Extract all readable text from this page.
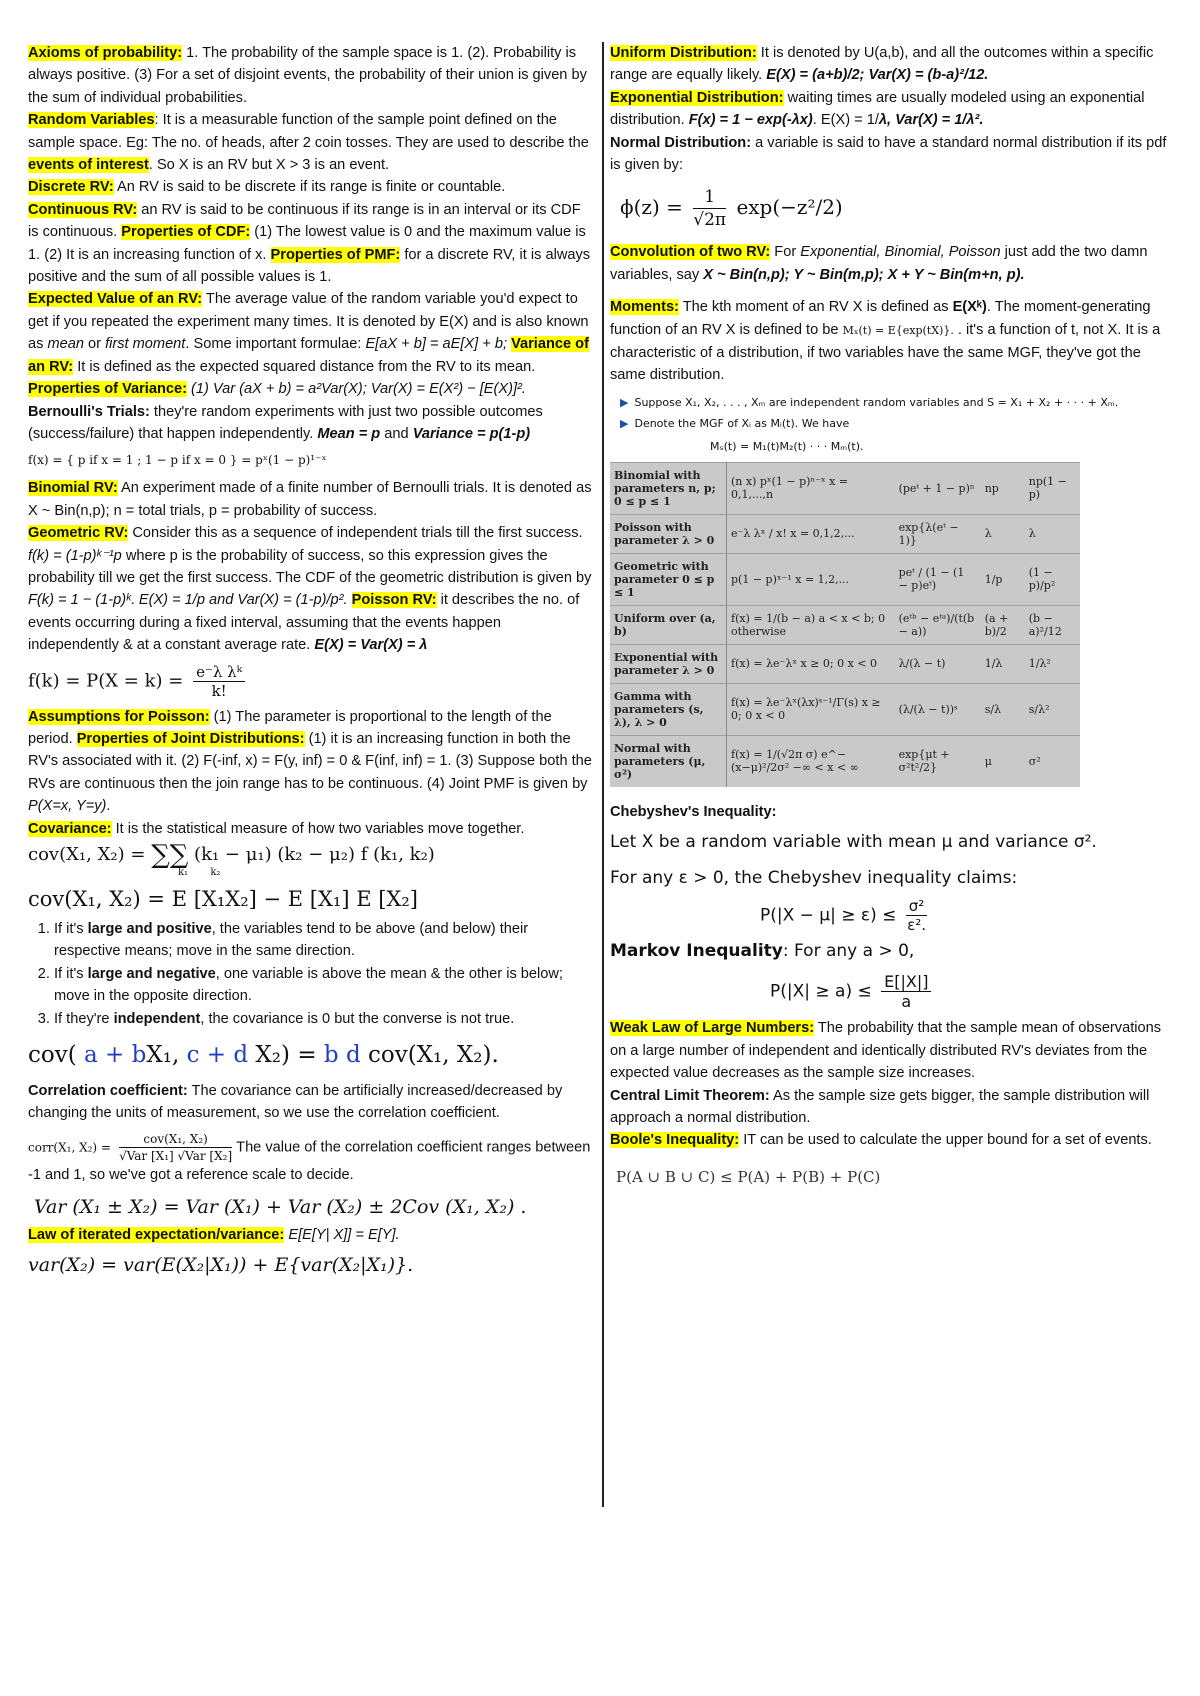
Axioms of probability: 1. The probability of the sample space is 1. (2). Probability is always positive. (3) For a set of disjoint events, the probability of their union is given by the sum of individual probabilities.

Random Variables: It is a measurable function of the sample point defined on the sample space. Eg: The no. of heads, after 2 coin tosses. They are used to describe the events of interest. So X is an RV but X > 3 is an event.

Discrete RV: An RV is said to be discrete if its range is finite or countable.

Continuous RV: an RV is said to be continuous if its range is in an interval or its CDF is continuous. Properties of CDF: (1) The lowest value is 0 and the maximum value is 1. (2) It is an increasing function of x. Properties of PMF: for a discrete RV, it is always positive and the sum of all possible values is 1.

Expected Value of an RV: The average value of the random variable you'd expect to get if you repeated the experiment many times. It is denoted by E(X) and is also known as mean or first moment. Some important formulae: E[aX + b] = aE[X] + b; Variance of an RV: It is defined as the expected squared distance from the RV to its mean. Properties of Variance: (1) Var (aX + b) = a²Var(X); Var(X) = E(X²) − [E(X)]².

Bernoulli's Trials: they're random experiments with just two possible outcomes (success/failure) that happen independently. Mean = p and Variance = p(1-p)

f(x) = { p if x = 1 ; 1 − p if x = 0 } = pˣ(1 − p)¹⁻ˣ

Binomial RV: An experiment made of a finite number of Bernoulli trials. It is denoted as X ~ Bin(n,p); n = total trials, p = probability of success.

Geometric RV: Consider this as a sequence of independent trials till the first success. f(k) = (1-p)ᵏ⁻¹p where p is the probability of success, so this expression gives the probability till we get the first success. The CDF of the geometric distribution is given by F(k) = 1 − (1-p)ᵏ. E(X) = 1/p and Var(X) = (1-p)/p². Poisson RV: it describes the no. of events occurring during a fixed interval, assuming that the events happen independently & at a constant average rate. E(X) = Var(X) = λ

$f(k) = P(X = k) = \frac{\text{e⁻λ λᵏ}}{k!}$

Assumptions for Poisson: (1) The parameter is proportional to the length of the period. Properties of Joint Distributions: (1) it is an increasing function in both the RV's associated with it. (2) F(-inf, x) = F(y, inf) = 0 & F(inf, inf) = 1. (3) Suppose both the RVs are continuous then the join range has to be continuous. (4) Joint PMF is given by P(X=x, Y=y).

Covariance: It is the statistical measure of how two variables move together.

cov(X₁, X₂) = ∑∑ (k₁ − μ₁) (k₂ − μ₂) f (k₁, k₂)
k₁ k₂
cov(X₁, X₂) = E [X₁X₂] − E [X₁] E [X₂]
1. If it's large and positive, the variables tend to be above (and below) their respective means; move in the same direction.
2. If it's large and negative, one variable is above the mean & the other is below; move in the opposite direction.
3. If they're independent, the covariance is 0 but the converse is not true.
cov( a + bX₁, c + d X₂) = b d cov(X₁, X₂).

Correlation coefficient: The covariance can be artificially increased/decreased by changing the units of measurement, so we use the correlation coefficient.

corr(X₁, $X_2) = \frac{\text{cov(X₁, X₂)}}{\text{√Var [X₁] √Var [X₂]}}$ The value of the correlation coefficient ranges between -1 and 1, so we've got a reference scale to decide.
Var (X₁ ± X₂) = Var (X₁) + Var (X₂) ± 2Cov (X₁, X₂) .

Law of iterated expectation/variance: E[E[Y| X]] = E[Y].

var(X₂) = var(E(X₂|X₁)) + E{var(X₂|X₁)}.

Uniform Distribution: It is denoted by U(a,b), and all the outcomes within a specific range are equally likely. E(X) = (a+b)/2; Var(X) = (b-a)²/12.

Exponential Distribution: waiting times are usually modeled using an exponential distribution. F(x) = 1 − exp(-λx). E(X) = 1/λ, Var(X) = 1/λ².

Normal Distribution: a variable is said to have a standard normal distribution if its pdf is given by:

$\phi(z) = \frac{1}{√2\pi} \exp(-z^2/2)$

Convolution of two RV: For Exponential, Binomial, Poisson just add the two damn variables, say X ~ Bin(n,p); Y ~ Bin(m,p); X + Y ~ Bin(m+n, p).

Moments: The kth moment of an RV X is defined as E(Xᵏ). The moment-generating function of an RV X is defined to be Mₓ(t) = E{exp(tX)}. . it's a function of t, not X. It is a characteristic of a distribution, if two variables have the same MGF, they've got the same distribution.

▶ Suppose X₁, X₂, . . . , Xₘ are independent random variables and S = X₁ + X₂ + · · · + Xₘ.
▶ Denote the MGF of Xᵢ as Mᵢ(t). We have
Mₛ(t) = M₁(t)M₂(t) · · · Mₘ(t).
Binomial with parameters n, p; 0 ≤ p ≤ 1	(n x) pˣ(1 − p)ⁿ⁻ˣ x = 0,1,...,n	(peᵗ + 1 − p)ⁿ	np	np(1 − p)
Poisson with parameter λ > 0	e⁻λ λˣ / x! x = 0,1,2,...	exp{λ(eᵗ − 1)}	λ	λ
Geometric with parameter 0 ≤ p ≤ 1	p(1 − p)ˣ⁻¹ x = 1,2,...	peᵗ / (1 − (1 − p)eᵗ)	1/p	(1 − p)/p²
Uniform over (a, b)	f(x) = 1/(b − a) a < x < b; 0 otherwise	(eᵗᵇ − eᵗᵃ)/(t(b − a))	(a + b)/2	(b − a)²/12
Exponential with parameter λ > 0	f(x) = λe⁻λˣ x ≥ 0; 0 x < 0	λ/(λ − t)	1/λ	1/λ²
Gamma with parameters (s, λ), λ > 0	f(x) = λe⁻λˣ(λx)ˢ⁻¹/Γ(s) x ≥ 0; 0 x < 0	(λ/(λ − t))ˢ	s/λ	s/λ²
Normal with parameters (μ, σ²)	f(x) = 1/(√2π σ) e^−(x−μ)²/2σ² −∞ < x < ∞	exp{μt + σ²t²/2}	μ	σ²

Chebyshev's Inequality:

Let X be a random variable with mean μ and variance σ².
For any ε > 0, the Chebyshev inequality claims:
$P(|X - \mu| \ge \varepsilon) \le \frac{\text{σ²}}{\text{ε².}}$
Markov Inequality: For any a > 0,
$P(|X| \ge a) \le \frac{E[|X|]}{a}$

Weak Law of Large Numbers: The probability that the sample mean of observations on a large number of independent and identically distributed RV's deviates from the expected value decreases as the sample size increases.

Central Limit Theorem: As the sample size gets bigger, the sample distribution will approach a normal distribution.

Boole's Inequality: IT can be used to calculate the upper bound for a set of events.

P(A ∪ B ∪ C) ≤ P(A) + P(B) + P(C)
